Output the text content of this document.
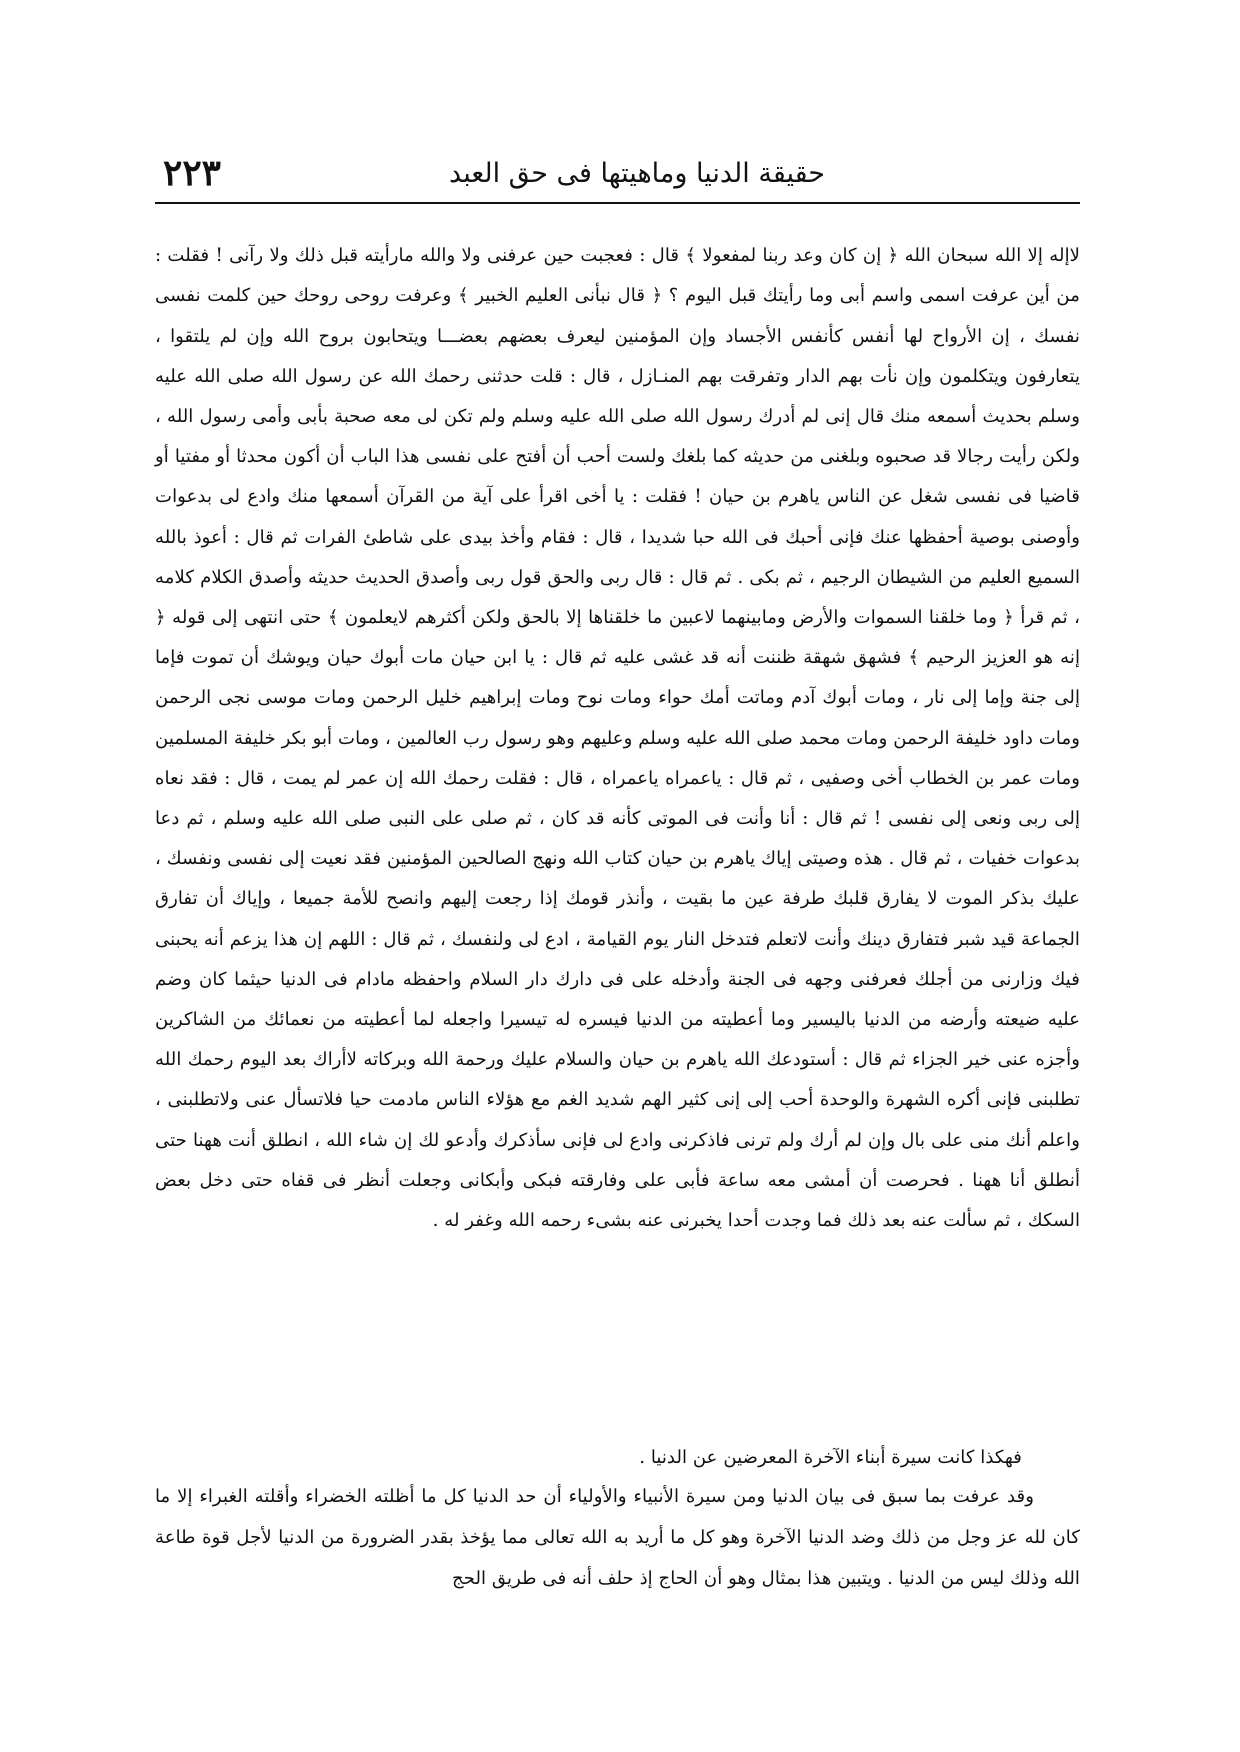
حقيقة الدنيا وماهيتها فى حق العبد
٢٢٣

لاإله إلا الله سبحان الله ﴿ إن كان وعد ربنا لمفعولا ﴾ قال : فعجبت حين عرفنى ولا والله مارأيته قبل ذلك ولا رآنى ! فقلت : من أين عرفت اسمى واسم أبى وما رأيتك قبل اليوم ؟ ﴿ قال نبأنى العليم الخبير ﴾ وعرفت روحى روحك حين كلمت نفسى نفسك ، إن الأرواح لها أنفس كأنفس الأجساد وإن المؤمنين ليعرف بعضهم بعضـــا ويتحابون بروح الله وإن لم يلتقوا ، يتعارفون ويتكلمون وإن نأت بهم الدار وتفرقت بهم المنـازل ، قال : قلت حدثنى رحمك الله عن رسول الله صلى الله عليه وسلم بحديث أسمعه منك قال إنى لم أدرك رسول الله صلى الله عليه وسلم ولم تكن لى معه صحبة بأبى وأمى رسول الله ، ولكن رأيت رجالا قد صحبوه وبلغنى من حديثه كما بلغك ولست أحب أن أفتح على نفسى هذا الباب أن أكون محدثا أو مفتيا أو قاضيا فى نفسى شغل عن الناس ياهرم بن حيان ! فقلت : يا أخى اقرأ على آية من القرآن أسمعها منك وادع لى بدعوات وأوصنى بوصية أحفظها عنك فإنى أحبك فى الله حبا شديدا ، قال : فقام وأخذ بيدى على شاطئ الفرات ثم قال : أعوذ بالله السميع العليم من الشيطان الرجيم ، ثم بكى . ثم قال : قال ربى والحق قول ربى وأصدق الحديث حديثه وأصدق الكلام كلامه ، ثم قرأ ﴿ وما خلقنا السموات والأرض ومابينهما لاعبين ما خلقناها إلا بالحق ولكن أكثرهم لايعلمون ﴾ حتى انتهى إلى قوله ﴿ إنه هو العزيز الرحيم ﴾ فشهق شهقة ظننت أنه قد غشى عليه ثم قال : يا ابن حيان مات أبوك حيان ويوشك أن تموت فإما إلى جنة وإما إلى نار ، ومات أبوك آدم وماتت أمك حواء ومات نوح ومات إبراهيم خليل الرحمن ومات موسى نجى الرحمن ومات داود خليفة الرحمن ومات محمد صلى الله عليه وسلم وعليهم وهو رسول رب العالمين ، ومات أبو بكر خليفة المسلمين ومات عمر بن الخطاب أخى وصفيى ، ثم قال : ياعمراه ياعمراه ، قال : فقلت رحمك الله إن عمر لم يمت ، قال : فقد نعاه إلى ربى ونعى إلى نفسى ! ثم قال : أنا وأنت فى الموتى كأنه قد كان ، ثم صلى على النبى صلى الله عليه وسلم ، ثم دعا بدعوات خفيات ، ثم قال . هذه وصيتى إياك ياهرم بن حيان كتاب الله ونهج الصالحين المؤمنين فقد نعيت إلى نفسى ونفسك ، عليك بذكر الموت لا يفارق قلبك طرفة عين ما بقيت ، وأنذر قومك إذا رجعت إليهم وانصح للأمة جميعا ، وإياك أن تفارق الجماعة قيد شبر فتفارق دينك وأنت لاتعلم فتدخل النار يوم القيامة ، ادع لى ولنفسك ، ثم قال : اللهم إن هذا يزعم أنه يحبنى فيك وزارنى من أجلك فعرفنى وجهه فى الجنة وأدخله على فى دارك دار السلام واحفظه مادام فى الدنيا حيثما كان وضم عليه ضيعته وأرضه من الدنيا باليسير وما أعطيته من الدنيا فيسره له تيسيرا واجعله لما أعطيته من نعمائك من الشاكرين وأجزه عنى خير الجزاء ثم قال : أستودعك الله ياهرم بن حيان والسلام عليك ورحمة الله وبركاته لاأراك بعد اليوم رحمك الله تطلبنى فإنى أكره الشهرة والوحدة أحب إلى إنى كثير الهم شديد الغم مع هؤلاء الناس مادمت حيا فلاتسأل عنى ولاتطلبنى ، واعلم أنك منى على بال وإن لم أرك ولم ترنى فاذكرنى وادع لى فإنى سأذكرك وأدعو لك إن شاء الله ، انطلق أنت ههنا حتى أنطلق أنا ههنا . فحرصت أن أمشى معه ساعة فأبى على وفارقته فبكى وأبكانى وجعلت أنظر فى قفاه حتى دخل بعض السكك ، ثم سألت عنه بعد ذلك فما وجدت أحدا يخبرنى عنه بشىء رحمه الله وغفر له .

فهكذا كانت سيرة أبناء الآخرة المعرضين عن الدنيا .

وقد عرفت بما سبق فى بيان الدنيا ومن سيرة الأنبياء والأولياء أن حد الدنيا كل ما أظلته الخضراء وأقلته الغبراء إلا ما كان لله عز وجل من ذلك وضد الدنيا الآخرة وهو كل ما أريد به الله تعالى مما يؤخذ بقدر الضرورة من الدنيا لأجل قوة طاعة الله وذلك ليس من الدنيا . ويتبين هذا بمثال وهو أن الحاج إذ حلف أنه فى طريق الحج
